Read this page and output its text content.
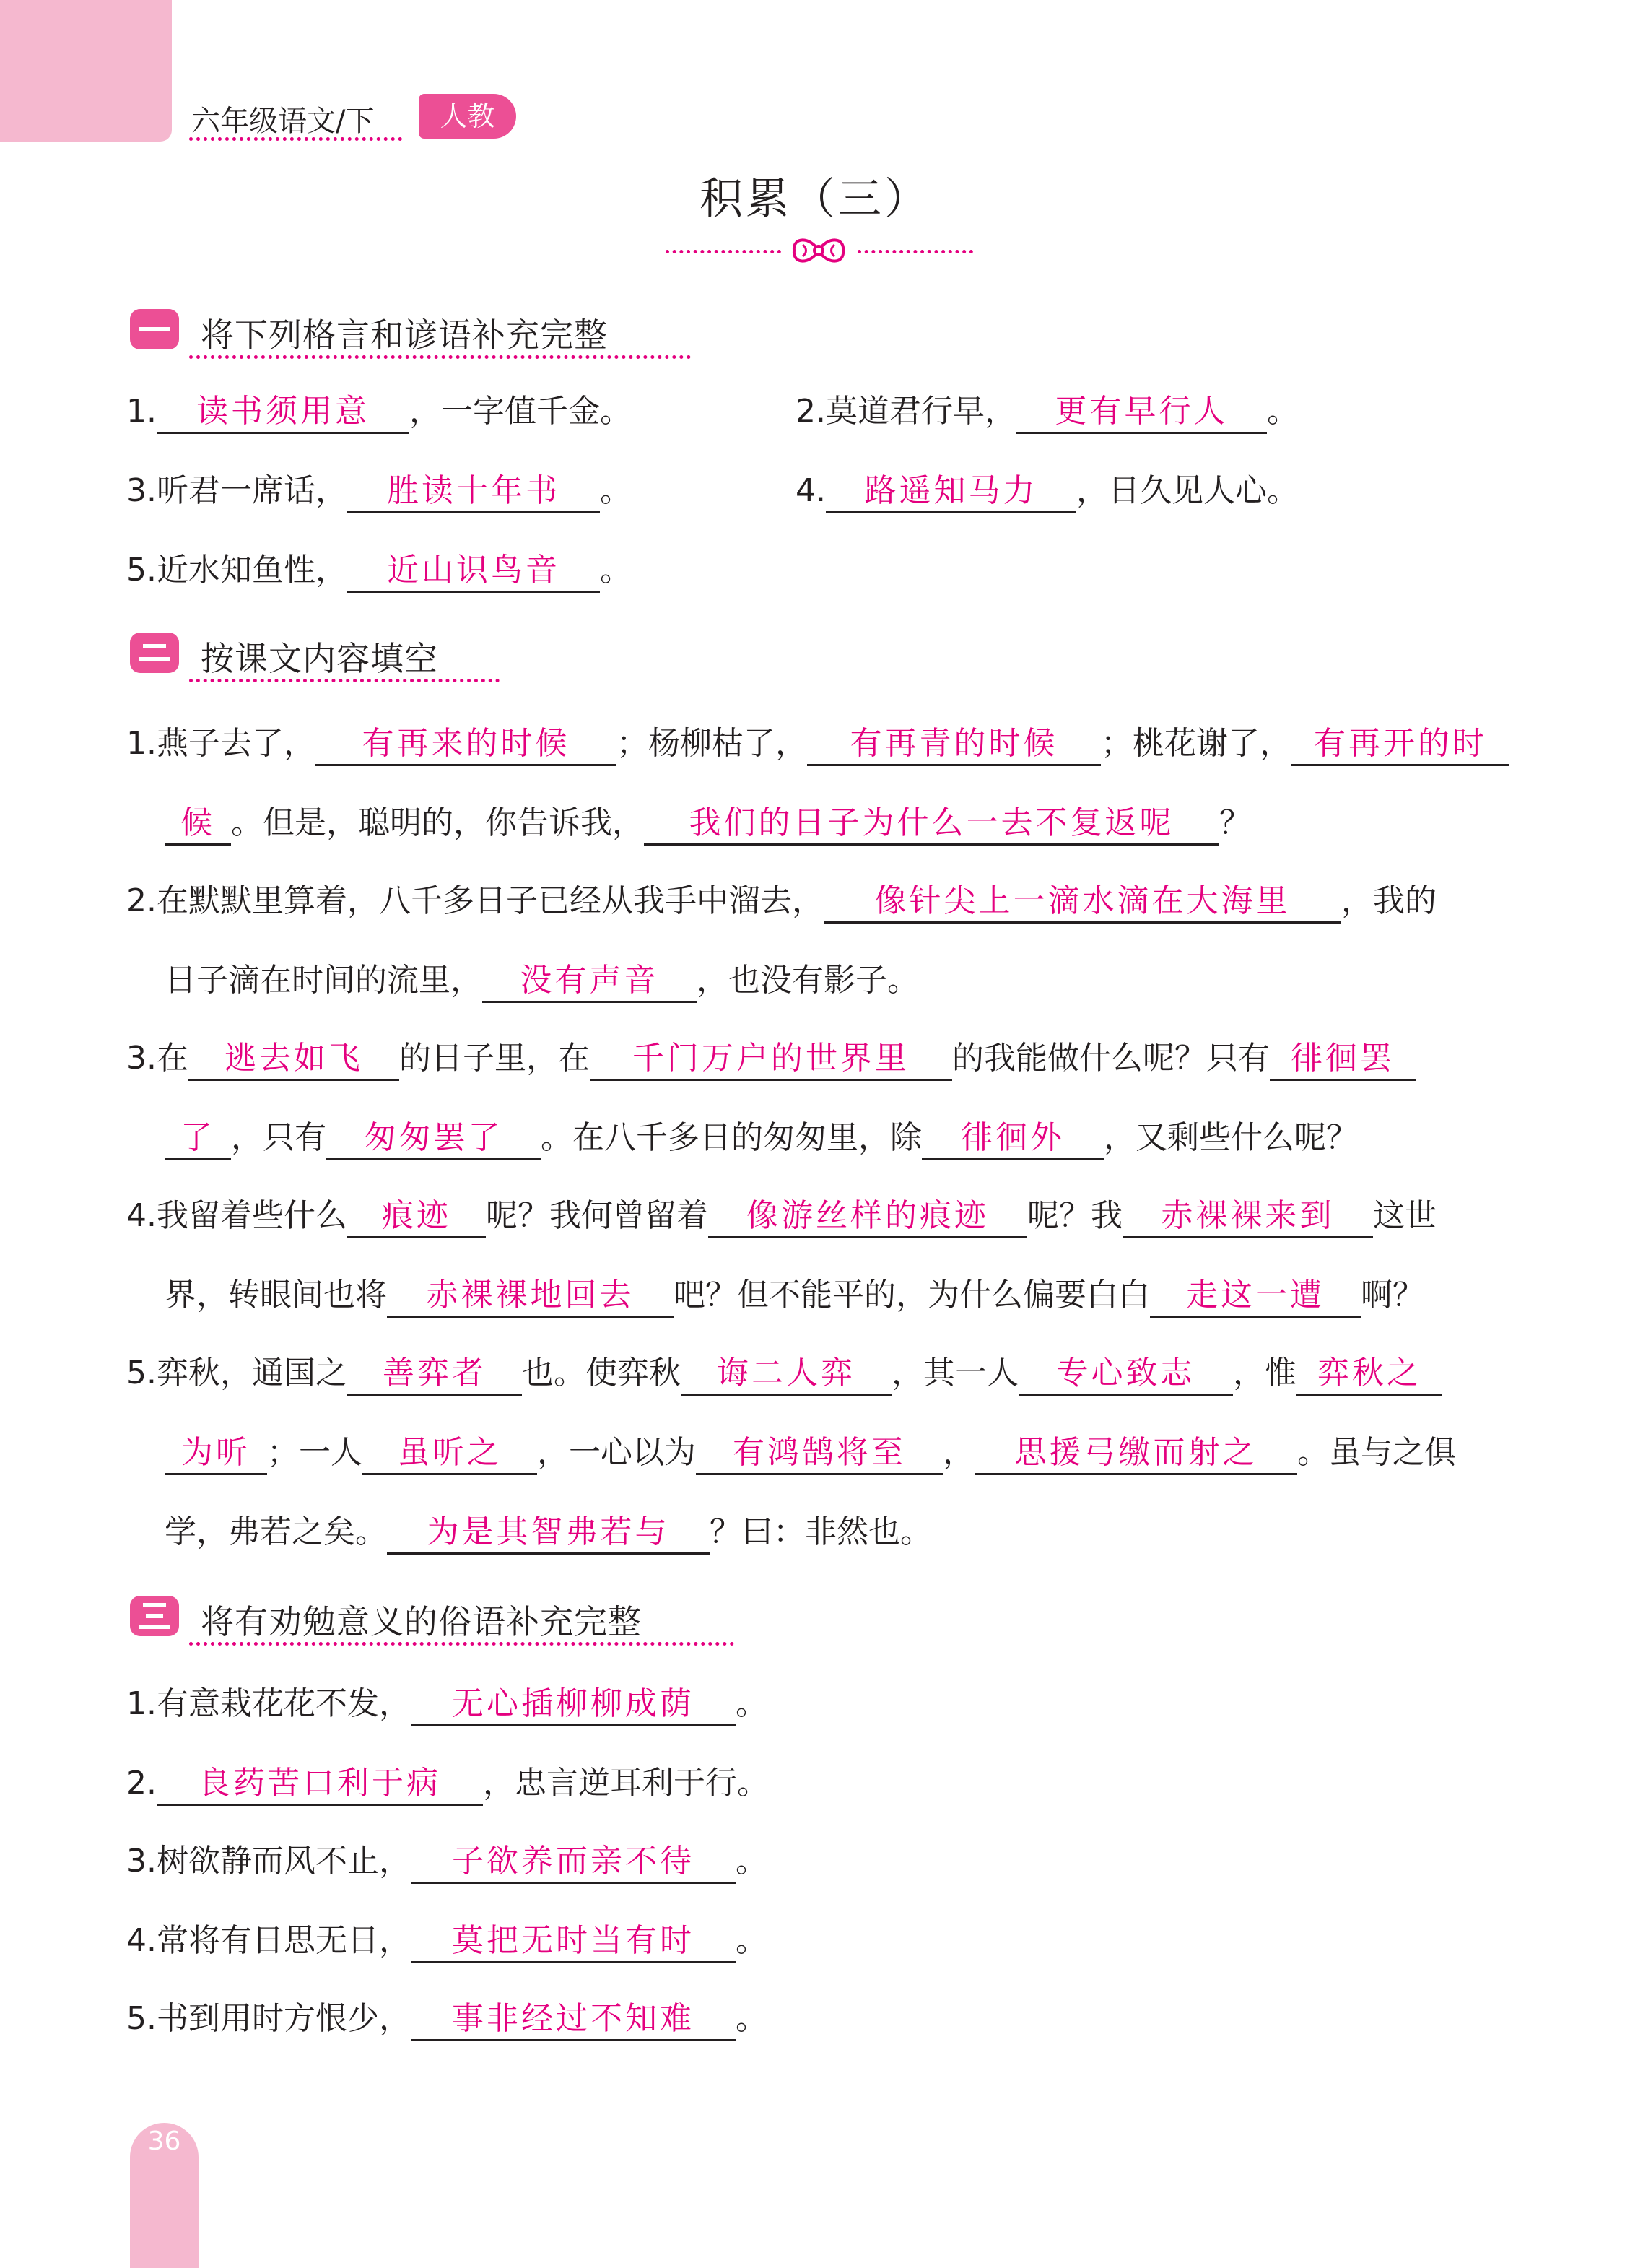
六年级语文/下	人教
积累（三）
将下列格言和谚语补充完整
1. 读书须用意 ，一字值千金。	2.莫道君行早， 更有早行人 。
3.听君一席话， 胜读十年书 。	4. 路遥知马力 ，日久见人心。
5.近水知鱼性， 近山识鸟音 。
按课文内容填空
1.燕子去了， 有再来的时候 ；杨柳枯了， 有再青的时候 ；桃花谢了， 有再开的时
候 。但是，聪明的，你告诉我， 我们的日子为什么一去不复返呢 ？
2.在默默里算着，八千多日子已经从我手中溜去， 像针尖上一滴水滴在大海里 ，我的
日子滴在时间的流里， 没有声音 ，也没有影子。
3.在 逃去如飞 的日子里，在 千门万户的世界里 的我能做什么呢？只有 徘徊罢
了 ，只有 匆匆罢了 。在八千多日的匆匆里，除 徘徊外 ，又剩些什么呢？
4.我留着些什么 痕迹 呢？我何曾留着 像游丝样的痕迹 呢？我 赤裸裸来到 这世
界，转眼间也将 赤裸裸地回去 吧？但不能平的，为什么偏要白白 走这一遭 啊？
5.弈秋，通国之 善弈者 也。使弈秋 诲二人弈 ，其一人 专心致志 ，惟 弈秋之
为听 ；一人 虽听之 ，一心以为 有鸿鹄将至 ， 思援弓缴而射之 。虽与之俱
学，弗若之矣。 为是其智弗若与 ？曰：非然也。
将有劝勉意义的俗语补充完整
1.有意栽花花不发， 无心插柳柳成荫 。
2. 良药苦口利于病 ，忠言逆耳利于行。
3.树欲静而风不止， 子欲养而亲不待 。
4.常将有日思无日， 莫把无时当有时 。
5.书到用时方恨少， 事非经过不知难 。
36
